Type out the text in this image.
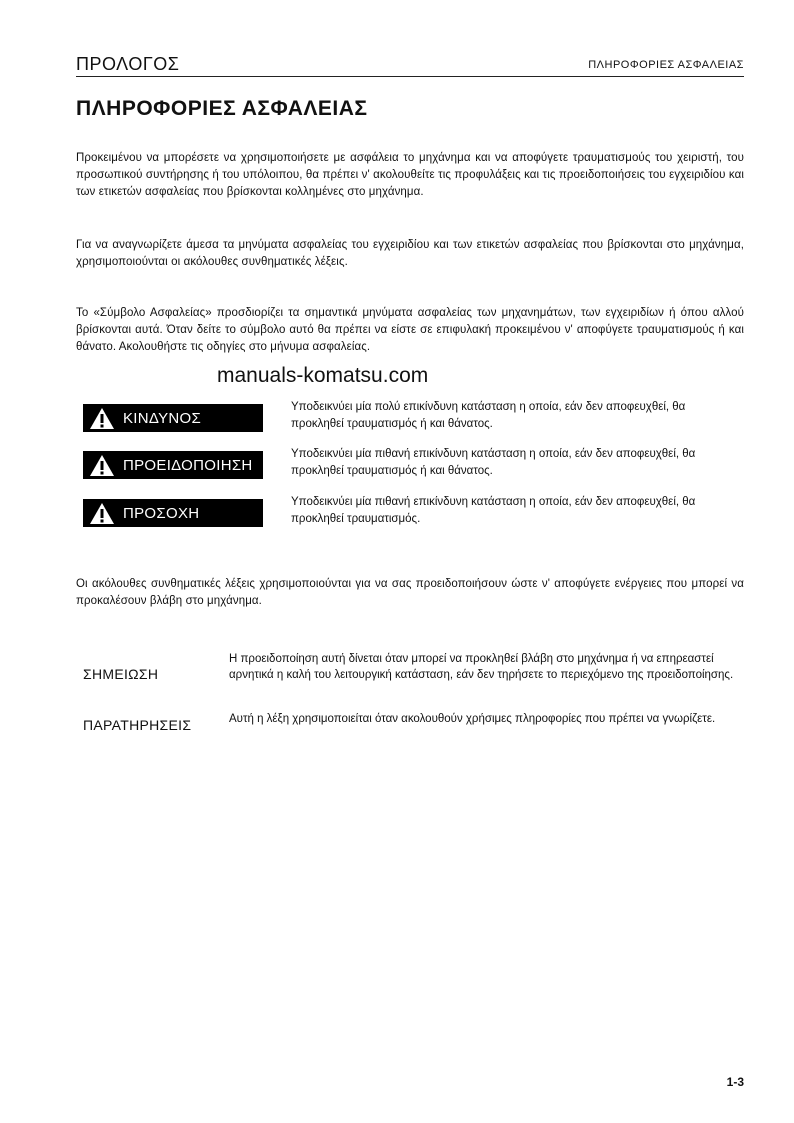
ΠΡΟΛΟΓΟΣ	ΠΛΗΡΟΦΟΡΙΕΣ ΑΣΦΑΛΕΙΑΣ
ΠΛΗΡΟΦΟΡΙΕΣ ΑΣΦΑΛΕΙΑΣ

Προκειμένου να μπορέσετε να χρησιμοποιήσετε με ασφάλεια το μηχάνημα και να αποφύγετε τραυματισμούς του χειριστή, του προσωπικού συντήρησης ή του υπόλοιπου, θα πρέπει ν' ακολουθείτε τις προφυλάξεις και τις προειδοποιήσεις του εγχειριδίου και των ετικετών ασφαλείας που βρίσκονται κολλημένες στο μηχάνημα.

Για να αναγνωρίζετε άμεσα τα μηνύματα ασφαλείας του εγχειριδίου και των ετικετών ασφαλείας που βρίσκονται στο μηχάνημα, χρησιμοποιούνται οι ακόλουθες συνθηματικές λέξεις.

Το «Σύμβολο Ασφαλείας» προσδιορίζει τα σημαντικά μηνύματα ασφαλείας των μηχανημάτων, των εγχειριδίων ή όπου αλλού βρίσκονται αυτά. Όταν δείτε το σύμβολο αυτό θα πρέπει να είστε σε επιφυλακή προκειμένου ν' αποφύγετε τραυματισμούς ή και θάνατο. Ακολουθήστε τις οδηγίες στο μήνυμα ασφαλείας.

manuals-komatsu.com
ΚΙΝΔΥΝΟΣ

Υποδεικνύει μία πολύ επικίνδυνη κατάσταση η οποία, εάν δεν αποφευχθεί, θα προκληθεί τραυματισμός ή και θάνατος.

ΠΡΟΕΙΔΟΠΟΙΗΣΗ

Υποδεικνύει μία πιθανή επικίνδυνη κατάσταση η οποία, εάν δεν αποφευχθεί, θα προκληθεί τραυματισμός ή και θάνατος.

ΠΡΟΣΟΧΗ

Υποδεικνύει μία πιθανή επικίνδυνη κατάσταση η οποία, εάν δεν αποφευχθεί, θα προκληθεί τραυματισμός.

Οι ακόλουθες συνθηματικές λέξεις χρησιμοποιούνται για να σας προειδοποιήσουν ώστε ν' αποφύγετε ενέργειες που μπορεί να προκαλέσουν βλάβη στο μηχάνημα.

ΣΗΜΕΙΩΣΗ

Η προειδοποίηση αυτή δίνεται όταν μπορεί να προκληθεί βλάβη στο μηχάνημα ή να επηρεαστεί αρνητικά η καλή του λειτουργική κατάσταση, εάν δεν τηρήσετε το περιεχόμενο της προειδοποίησης.

ΠΑΡΑΤΗΡΗΣΕΙΣ	Αυτή η λέξη χρησιμοποιείται όταν ακολουθούν χρήσιμες πληροφορίες που πρέπει να γνωρίζετε.

1-3
